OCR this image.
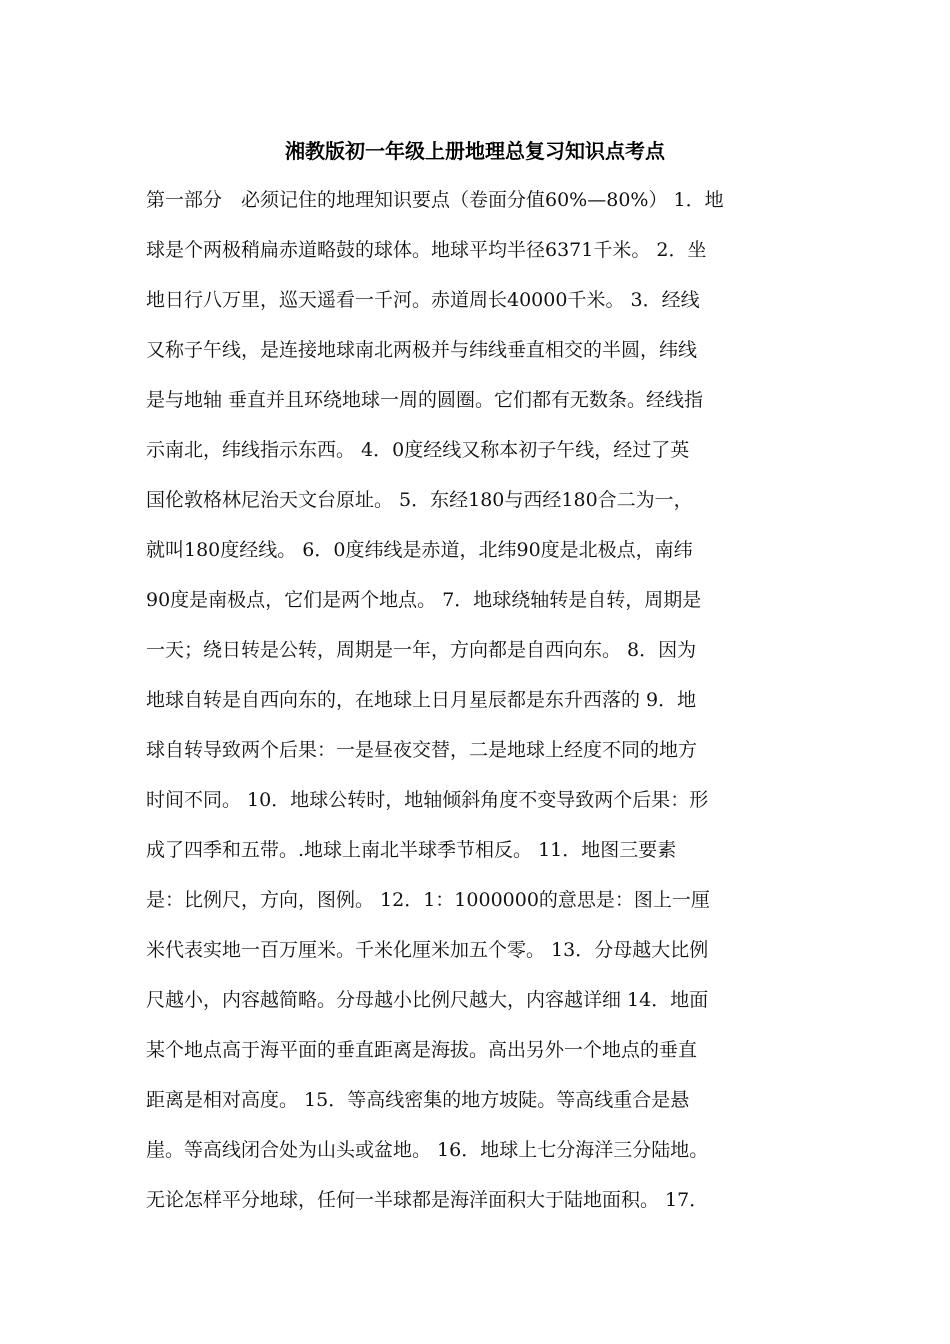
湘教版初一年级上册地理总复习知识点考点
第一部分　必须记住的地理知识要点（卷面分值60%—80%） 1．地
球是个两极稍扁赤道略鼓的球体。地球平均半径6371千米。 2．坐
地日行八万里，巡天遥看一千河。赤道周长40000千米。 3．经线
又称子午线，是连接地球南北两极并与纬线垂直相交的半圆，纬线
是与地轴 垂直并且环绕地球一周的圆圈。它们都有无数条。经线指
示南北，纬线指示东西。 4．0度经线又称本初子午线，经过了英
国伦敦格林尼治天文台原址。 5．东经180与西经180合二为一，
就叫180度经线。 6．0度纬线是赤道，北纬90度是北极点，南纬
90度是南极点，它们是两个地点。 7．地球绕轴转是自转，周期是
一天；绕日转是公转，周期是一年，方向都是自西向东。 8．因为
地球自转是自西向东的，在地球上日月星辰都是东升西落的 9．地
球自转导致两个后果：一是昼夜交替，二是地球上经度不同的地方
时间不同。 10．地球公转时，地轴倾斜角度不变导致两个后果：形
成了四季和五带。.地球上南北半球季节相反。 11．地图三要素
是：比例尺，方向，图例。 12．1：1000000的意思是：图上一厘
米代表实地一百万厘米。千米化厘米加五个零。 13．分母越大比例
尺越小，内容越简略。分母越小比例尺越大，内容越详细 14．地面
某个地点高于海平面的垂直距离是海拔。高出另外一个地点的垂直
距离是相对高度。 15．等高线密集的地方坡陡。等高线重合是悬
崖。等高线闭合处为山头或盆地。 16．地球上七分海洋三分陆地。
无论怎样平分地球，任何一半球都是海洋面积大于陆地面积。 17．
